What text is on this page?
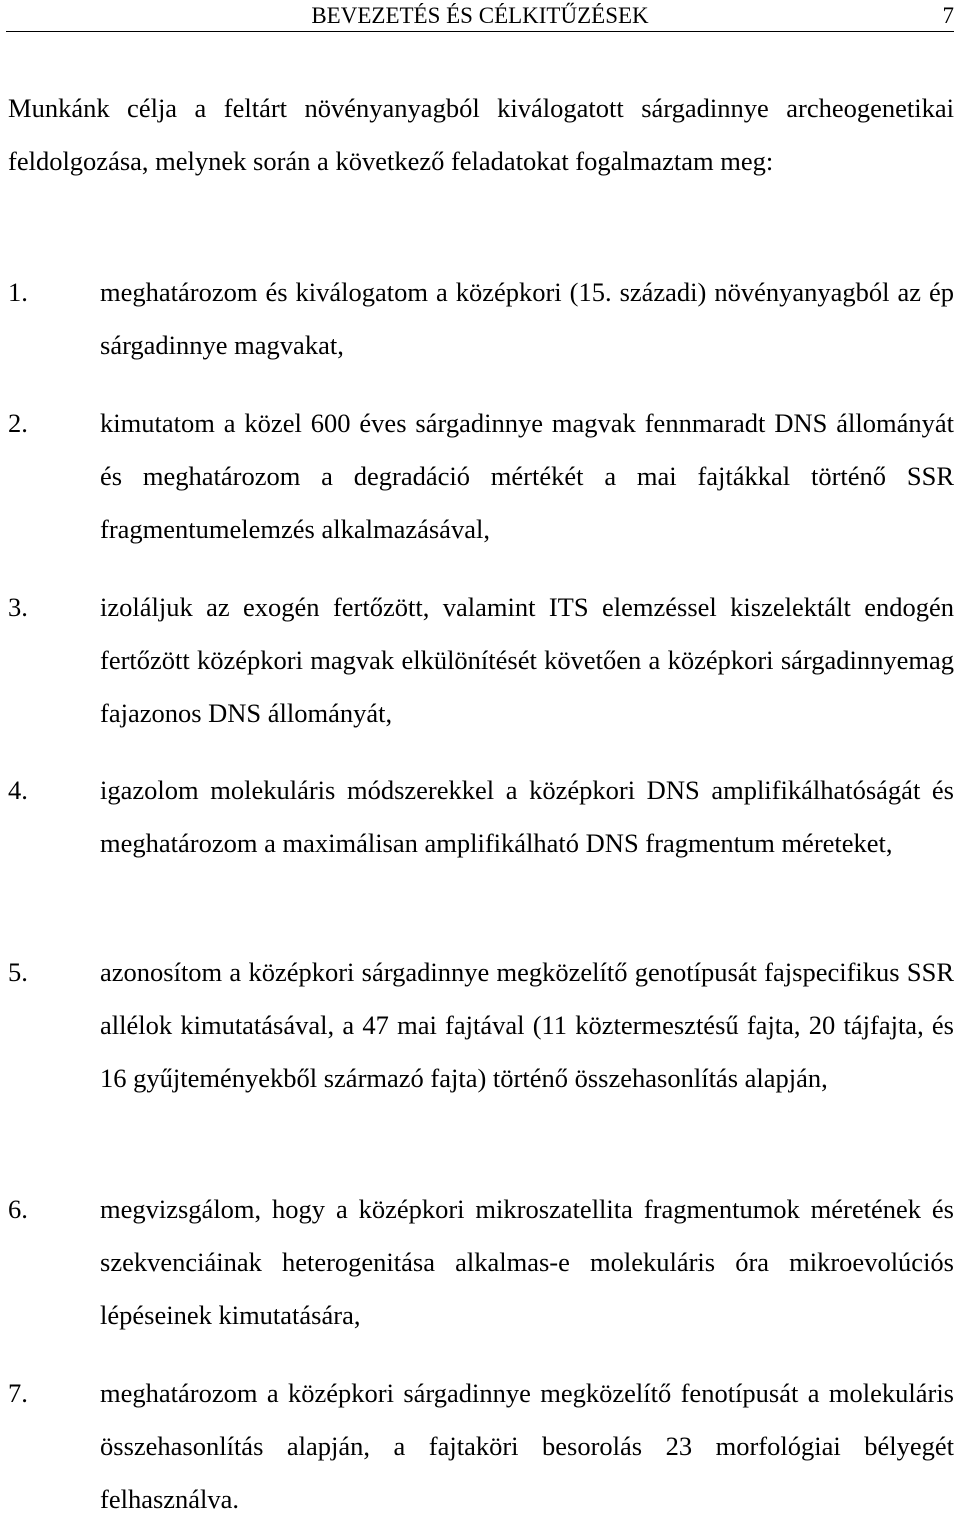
BEVEZETÉS ÉS CÉLKITŰZÉSEK	7

Munkánk célja a feltárt növényanyagból kiválogatott sárgadinnye archeogenetikai feldolgozása, melynek során a következő feladatokat fogalmaztam meg:

1.	meghatározom és kiválogatom a középkori (15. századi) növényanyagból az ép sárgadinnye magvakat,
2.	kimutatom a közel 600 éves sárgadinnye magvak fennmaradt DNS állományát és meghatározom a degradáció mértékét a mai fajtákkal történő SSR fragmentumelemzés alkalmazásával,
3.	izoláljuk az exogén fertőzött, valamint ITS elemzéssel kiszelektált endogén fertőzött középkori magvak elkülönítését követően a középkori sárgadinnyemag fajazonos DNS állományát,
4.	igazolom molekuláris módszerekkel a középkori DNS amplifikálhatóságát és meghatározom a maximálisan amplifikálható DNS fragmentum méreteket,
5.	azonosítom a középkori sárgadinnye megközelítő genotípusát fajspecifikus SSR allélok kimutatásával, a 47 mai fajtával (11 köztermesztésű fajta, 20 tájfajta, és 16 gyűjteményekből származó fajta) történő összehasonlítás alapján,
6.	megvizsgálom, hogy a középkori mikroszatellita fragmentumok méretének és szekvenciáinak heterogenitása alkalmas-e molekuláris óra mikroevolúciós lépéseinek kimutatására,
7.	meghatározom a középkori sárgadinnye megközelítő fenotípusát a molekuláris összehasonlítás alapján, a fajtaköri besorolás 23 morfológiai bélyegét felhasználva.
